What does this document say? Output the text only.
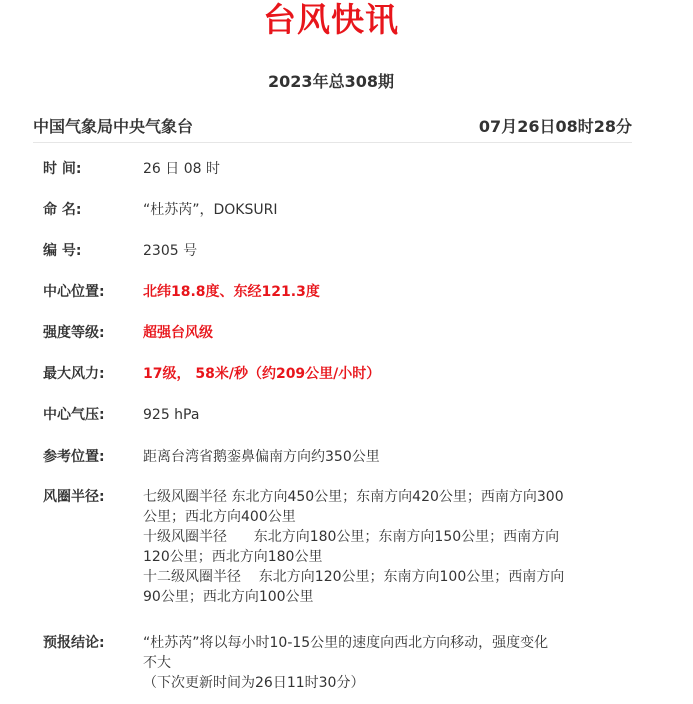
台风快讯
2023年总308期
中国气象局中央气象台	07月26日08时28分
时 间:	26 日 08 时
命 名:	“杜苏芮”，DOKSURI
编 号:	2305 号
中心位置:	北纬18.8度、东经121.3度
强度等级:	超强台风级
最大风力:	17级， 58米/秒（约209公里/小时）
中心气压:	925 hPa
参考位置:	距离台湾省鹅銮鼻偏南方向约350公里
风圈半径:	七级风圈半径 东北方向450公里；东南方向420公里；西南方向300
公里；西北方向400公里
十级风圈半径      东北方向180公里；东南方向150公里；西南方向
120公里；西北方向180公里
十二级风圈半径    东北方向120公里；东南方向100公里；西南方向
90公里；西北方向100公里
预报结论:	“杜苏芮”将以每小时10-15公里的速度向西北方向移动，强度变化
不大
（下次更新时间为26日11时30分）
